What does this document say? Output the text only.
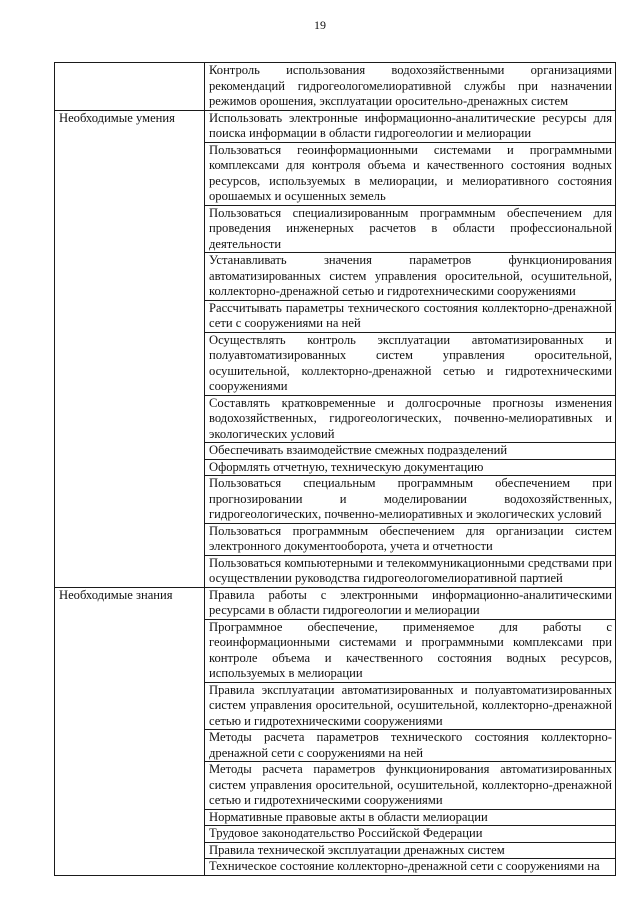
19
	Контроль использования водохозяйственными организациями рекомендаций гидрогеологомелиоративной службы при назначении режимов орошения, эксплуатации оросительно-дренажных систем

Необходимые умения	Использовать электронные информационно-аналитические ресурсы для поиска информации в области гидрогеологии и мелиорации
	Пользоваться геоинформационными системами и программными комплексами для контроля объема и качественного состояния водных ресурсов, используемых в мелиорации, и мелиоративного состояния орошаемых и осушенных земель
	Пользоваться специализированным программным обеспечением для проведения инженерных расчетов в области профессиональной деятельности
	Устанавливать значения параметров функционирования автоматизированных систем управления оросительной, осушительной, коллекторно-дренажной сетью и гидротехническими сооружениями
	Рассчитывать параметры технического состояния коллекторно-дренажной сети с сооружениями на ней
	Осуществлять контроль эксплуатации автоматизированных и полуавтоматизированных систем управления оросительной, осушительной, коллекторно-дренажной сетью и гидротехническими сооружениями
	Составлять кратковременные и долгосрочные прогнозы изменения водохозяйственных, гидрогеологических, почвенно-мелиоративных и экологических условий
	Обеспечивать взаимодействие смежных подразделений
	Оформлять отчетную, техническую документацию
	Пользоваться специальным программным обеспечением при прогнозировании и моделировании водохозяйственных, гидрогеологических, почвенно-мелиоративных и экологических условий
	Пользоваться программным обеспечением для организации систем электронного документооборота, учета и отчетности
	Пользоваться компьютерными и телекоммуникационными средствами при осуществлении руководства гидрогеологомелиоративной партией

Необходимые знания	Правила работы с электронными информационно-аналитическими ресурсами в области гидрогеологии и мелиорации
	Программное обеспечение, применяемое для работы с геоинформационными системами и программными комплексами при контроле объема и качественного состояния водных ресурсов, используемых в мелиорации
	Правила эксплуатации автоматизированных и полуавтоматизированных систем управления оросительной, осушительной, коллекторно-дренажной сетью и гидротехническими сооружениями
	Методы расчета параметров технического состояния коллекторно-дренажной сети с сооружениями на ней
	Методы расчета параметров функционирования автоматизированных систем управления оросительной, осушительной, коллекторно-дренажной сетью и гидротехническими сооружениями
	Нормативные правовые акты в области мелиорации
	Трудовое законодательство Российской Федерации
	Правила технической эксплуатации дренажных систем
	Техническое состояние коллекторно-дренажной сети с сооружениями на
